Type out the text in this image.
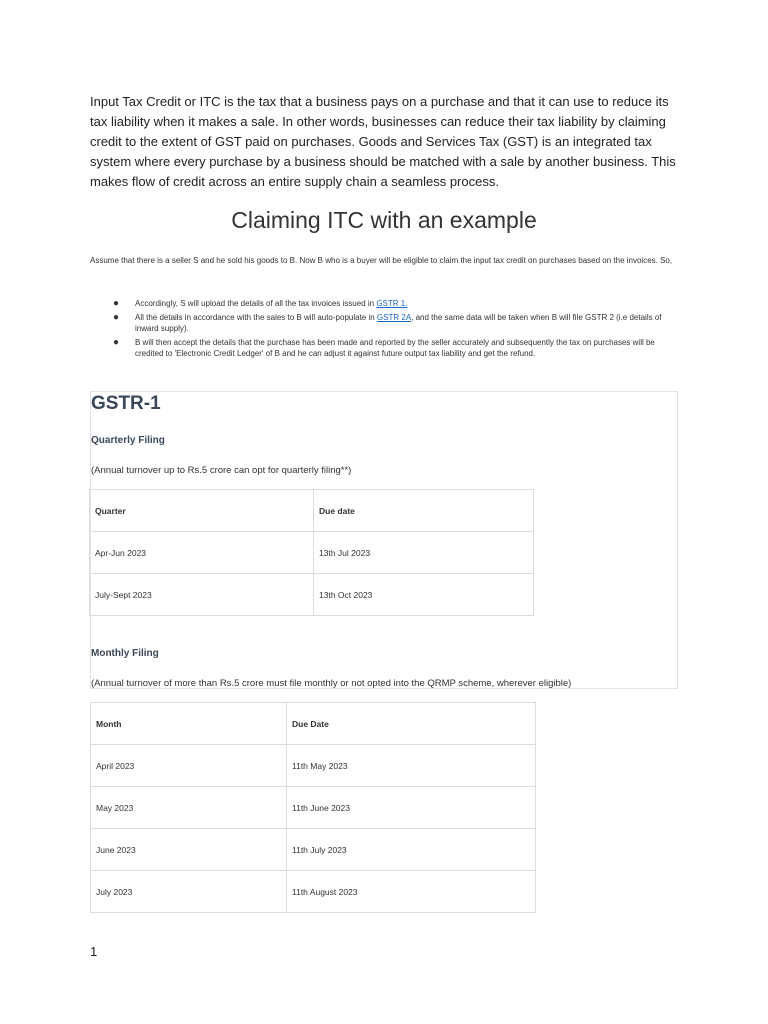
Input Tax Credit or ITC is the tax that a business pays on a purchase and that it can use to reduce its tax liability when it makes a sale. In other words, businesses can reduce their tax liability by claiming credit to the extent of GST paid on purchases. Goods and Services Tax (GST) is an integrated tax system where every purchase by a business should be matched with a sale by another business. This makes flow of credit across an entire supply chain a seamless process.

Claiming ITC with an example

Assume that there is a seller S and he sold his goods to B. Now B who is a buyer will be eligible to claim the input tax credit on purchases based on the invoices. So,

● Accordingly, S will upload the details of all the tax invoices issued in GSTR 1.
● All the details in accordance with the sales to B will auto-populate in GSTR 2A, and the same data will be taken when B will file GSTR 2 (i.e details of inward supply).
● B will then accept the details that the purchase has been made and reported by the seller accurately and subsequently the tax on purchases will be credited to 'Electronic Credit Ledger' of B and he can adjust it against future output tax liability and get the refund.
GSTR-1

Quarterly Filing

(Annual turnover up to Rs.5 crore can opt for quarterly filing**)

Quarter	Due date
Apr-Jun 2023	13th Jul 2023
July-Sept 2023	13th Oct 2023

Monthly Filing

(Annual turnover of more than Rs.5 crore must file monthly or not opted into the QRMP scheme, wherever eligible)

Month	Due Date
April 2023	11th May 2023
May 2023	11th June 2023
June 2023	11th July 2023
July 2023	11th August 2023

1
